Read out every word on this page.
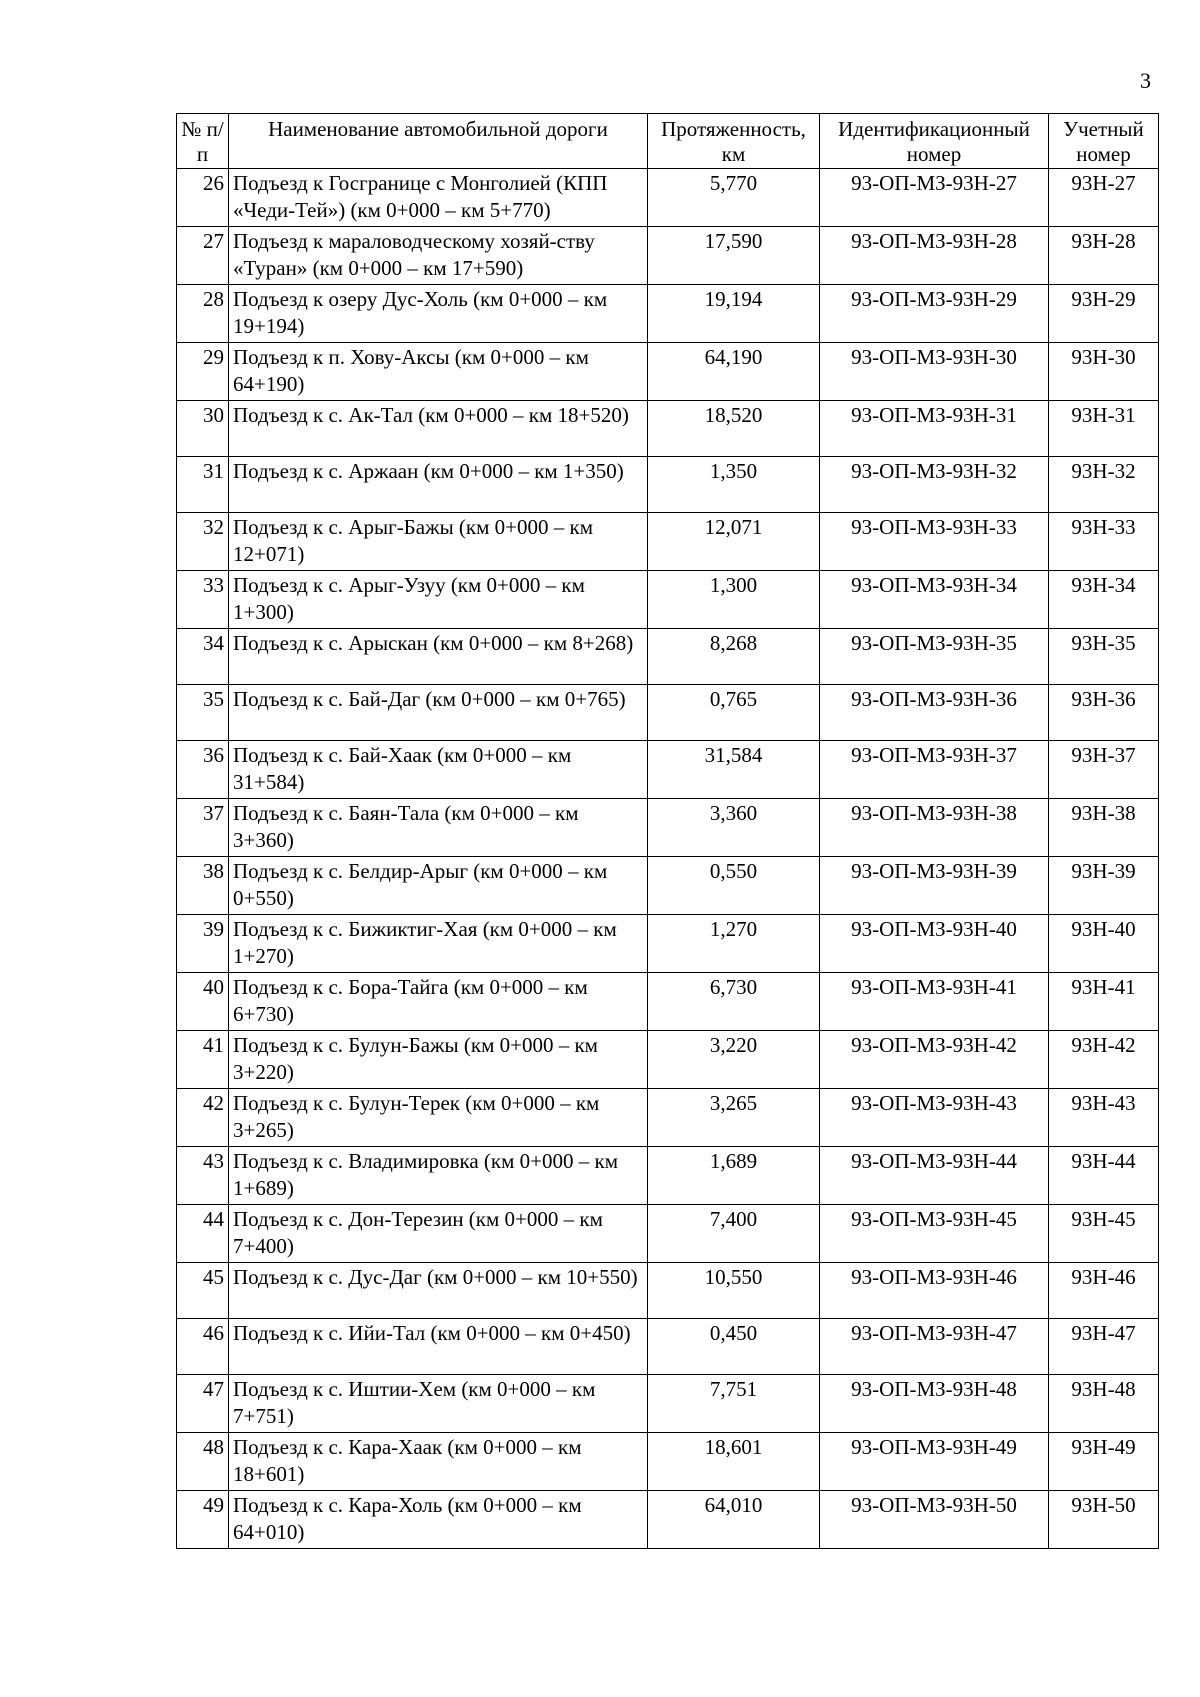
3
№ п/п	Наименование автомобильной дороги	Протяженность, км	Идентификационный номер	Учетный номер
26	Подъезд к Госгранице с Монголией (КПП «Чеди-Тей») (км 0+000 – км 5+770)	5,770	93-ОП-МЗ-93Н-27	93Н-27
27	Подъезд к мараловодческому хозяй-ству «Туран» (км 0+000 – км 17+590)	17,590	93-ОП-МЗ-93Н-28	93Н-28
28	Подъезд к озеру Дус-Холь (км 0+000 – км 19+194)	19,194	93-ОП-МЗ-93Н-29	93Н-29
29	Подъезд к п. Хову-Аксы (км 0+000 – км 64+190)	64,190	93-ОП-МЗ-93Н-30	93Н-30
30	Подъезд к с. Ак-Тал (км 0+000 – км 18+520)	18,520	93-ОП-МЗ-93Н-31	93Н-31
31	Подъезд к с. Аржаан (км 0+000 – км 1+350)	1,350	93-ОП-МЗ-93Н-32	93Н-32
32	Подъезд к с. Арыг-Бажы (км 0+000 – км 12+071)	12,071	93-ОП-МЗ-93Н-33	93Н-33
33	Подъезд к с. Арыг-Узуу (км 0+000 – км 1+300)	1,300	93-ОП-МЗ-93Н-34	93Н-34
34	Подъезд к с. Арыскан (км 0+000 – км 8+268)	8,268	93-ОП-МЗ-93Н-35	93Н-35
35	Подъезд к с. Бай-Даг (км 0+000 – км 0+765)	0,765	93-ОП-МЗ-93Н-36	93Н-36
36	Подъезд к с. Бай-Хаак (км 0+000 – км 31+584)	31,584	93-ОП-МЗ-93Н-37	93Н-37
37	Подъезд к с. Баян-Тала (км 0+000 – км 3+360)	3,360	93-ОП-МЗ-93Н-38	93Н-38
38	Подъезд к с. Белдир-Арыг (км 0+000 – км 0+550)	0,550	93-ОП-МЗ-93Н-39	93Н-39
39	Подъезд к с. Бижиктиг-Хая (км 0+000 – км 1+270)	1,270	93-ОП-МЗ-93Н-40	93Н-40
40	Подъезд к с. Бора-Тайга (км 0+000 – км 6+730)	6,730	93-ОП-МЗ-93Н-41	93Н-41
41	Подъезд к с. Булун-Бажы (км 0+000 – км 3+220)	3,220	93-ОП-МЗ-93Н-42	93Н-42
42	Подъезд к с. Булун-Терек (км 0+000 – км 3+265)	3,265	93-ОП-МЗ-93Н-43	93Н-43
43	Подъезд к с. Владимировка (км 0+000 – км 1+689)	1,689	93-ОП-МЗ-93Н-44	93Н-44
44	Подъезд к с. Дон-Терезин (км 0+000 – км 7+400)	7,400	93-ОП-МЗ-93Н-45	93Н-45
45	Подъезд к с. Дус-Даг (км 0+000 – км 10+550)	10,550	93-ОП-МЗ-93Н-46	93Н-46
46	Подъезд к с. Ийи-Тал (км 0+000 – км 0+450)	0,450	93-ОП-МЗ-93Н-47	93Н-47
47	Подъезд к с. Иштии-Хем (км 0+000 – км 7+751)	7,751	93-ОП-МЗ-93Н-48	93Н-48
48	Подъезд к с. Кара-Хаак (км 0+000 – км 18+601)	18,601	93-ОП-МЗ-93Н-49	93Н-49
49	Подъезд к с. Кара-Холь (км 0+000 – км 64+010)	64,010	93-ОП-МЗ-93Н-50	93Н-50
